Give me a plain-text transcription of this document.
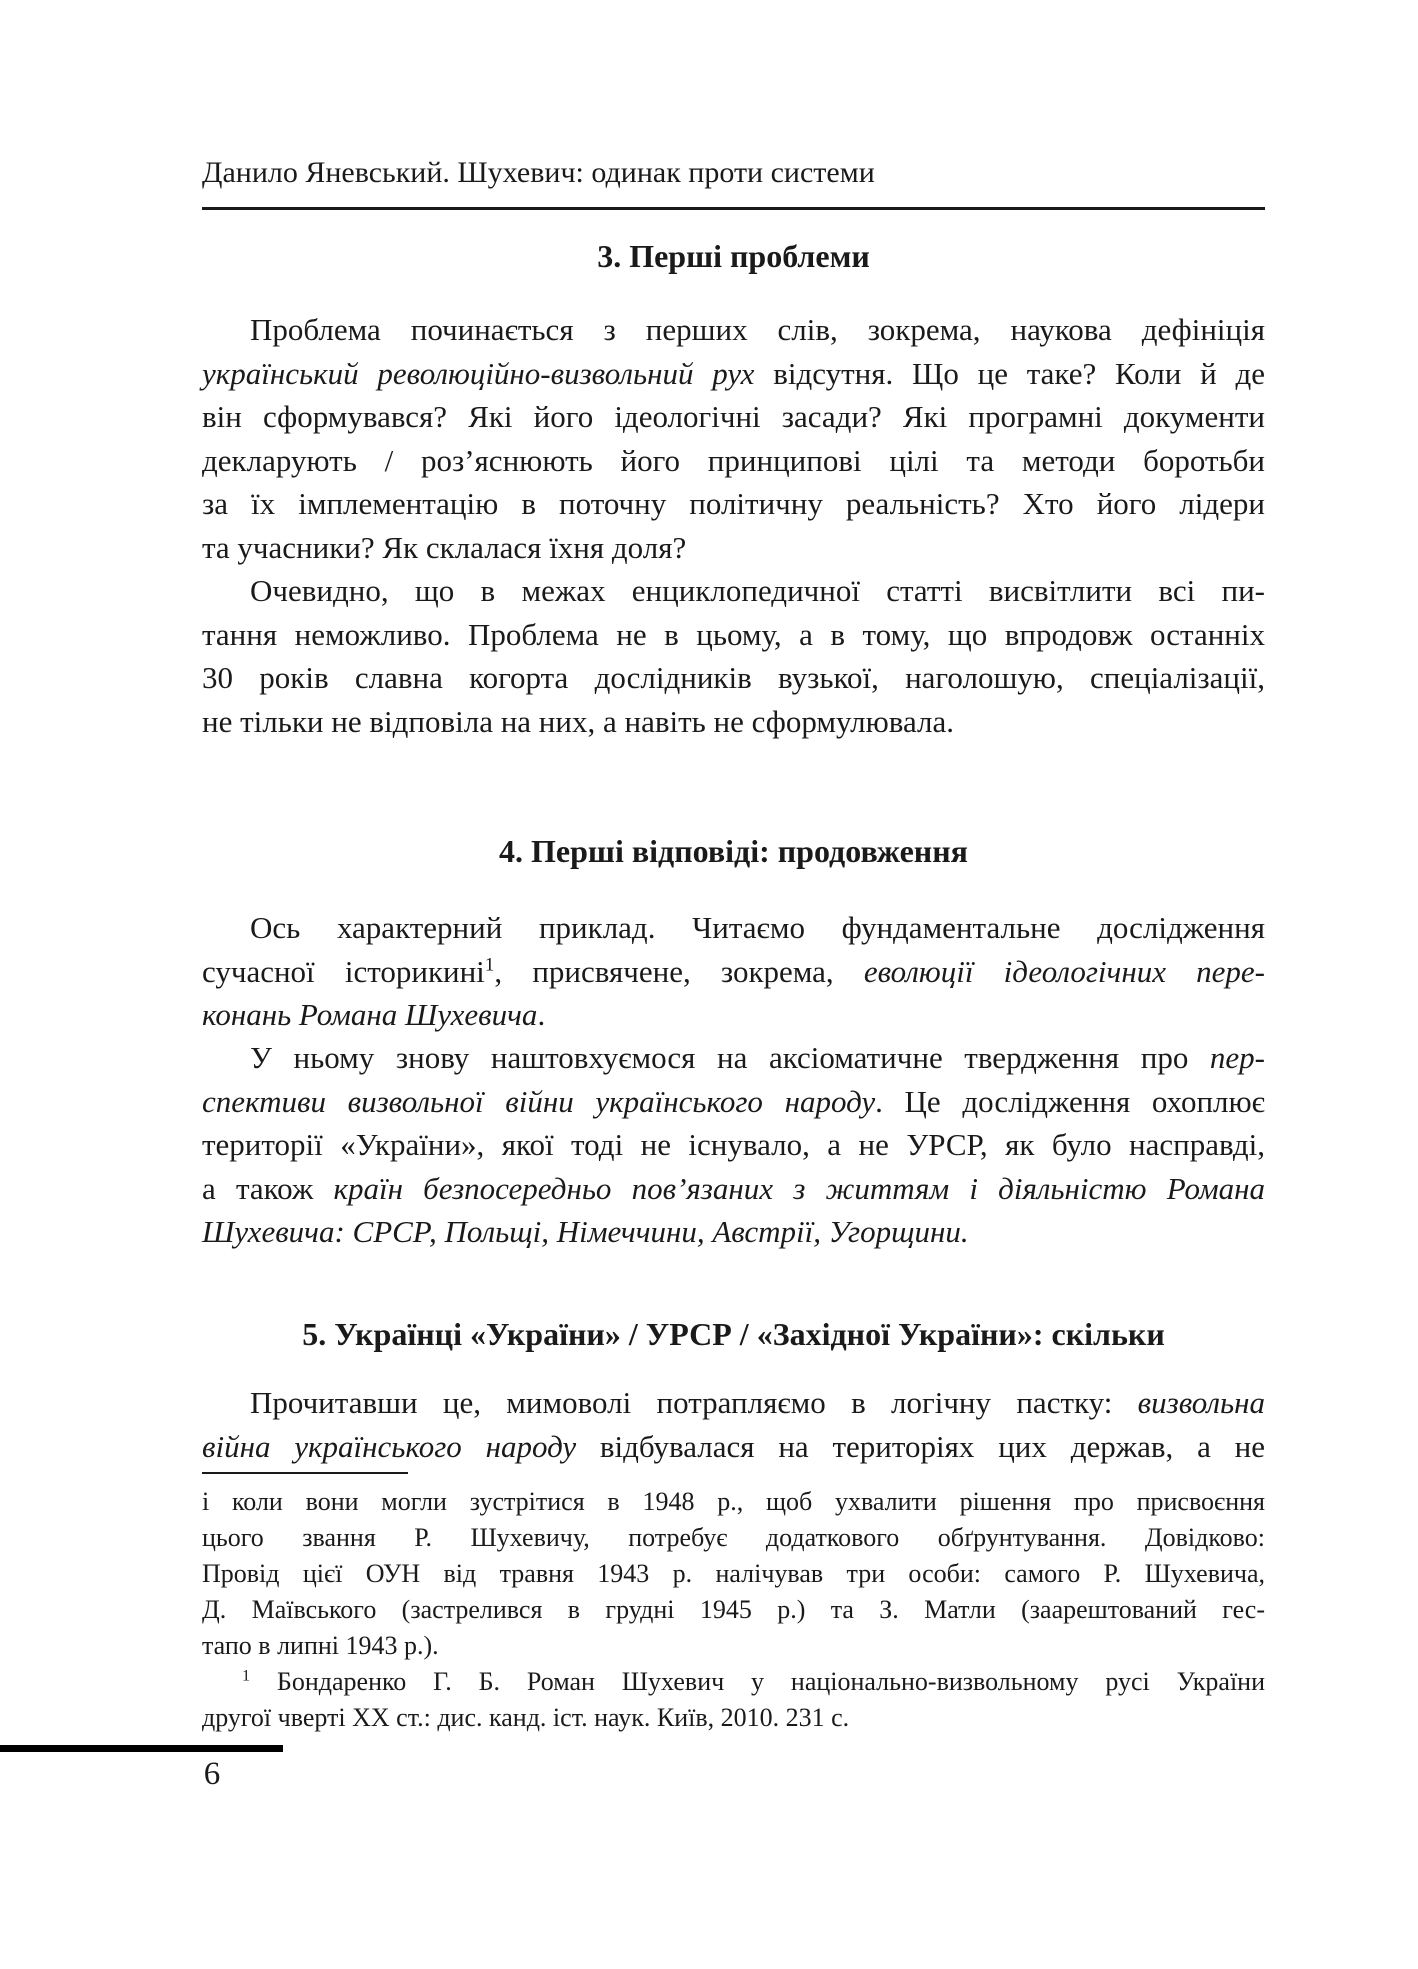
Данило Яневський. Шухевич: одинак проти системи
3. Перші проблеми
Проблема починається з перших слів, зокрема, наукова дефініція
український революційно-визвольний рух відсутня. Що це таке? Коли й де
він сформувався? Які його ідеологічні засади? Які програмні документи
декларують / роз’яснюють його принципові цілі та методи боротьби
за їх імплементацію в поточну політичну реальність? Хто його лідери
та учасники? Як склалася їхня доля?
Очевидно, що в межах енциклопедичної статті висвітлити всі пи-
тання неможливо. Проблема не в цьому, а в тому, що впродовж останніх
30 років славна когорта дослідників вузької, наголошую, спеціалізації,
не тільки не відповіла на них, а навіть не сформулювала.
4. Перші відповіді: продовження
Ось характерний приклад. Читаємо фундаментальне дослідження
сучасної історикині$^1$, присвячене, зокрема, еволюції ідеологічних пере-
конань Романа Шухевича.
У ньому знову наштовхуємося на аксіоматичне твердження про пер-
спективи визвольної війни українського народу. Це дослідження охоплює
території «України», якої тоді не існувало, а не УРСР, як було насправді,
а також країн безпосередньо пов’язаних з життям і діяльністю Романа
Шухевича: СРСР, Польщі, Німеччини, Австрії, Угорщини.
5. Українці «України» / УРСР / «Західної України»: скільки
Прочитавши це, мимоволі потрапляємо в логічну пастку: визвольна
війна українського народу відбувалася на територіях цих держав, а не
і коли вони могли зустрітися в 1948 р., щоб ухвалити рішення про присвоєння
цього звання Р. Шухевичу, потребує додаткового обґрунтування. Довідково:
Провід цієї ОУН від травня 1943 р. налічував три особи: самого Р. Шухевича,
Д. Маївського (застрелився в грудні 1945 р.) та З. Матли (заарештований гес-
тапо в липні 1943 р.).
$^1$ Бондаренко Г. Б. Роман Шухевич у національно-визвольному русі України
другої чверті ХХ ст.: дис. канд. іст. наук. Київ, 2010. 231 с.
6
